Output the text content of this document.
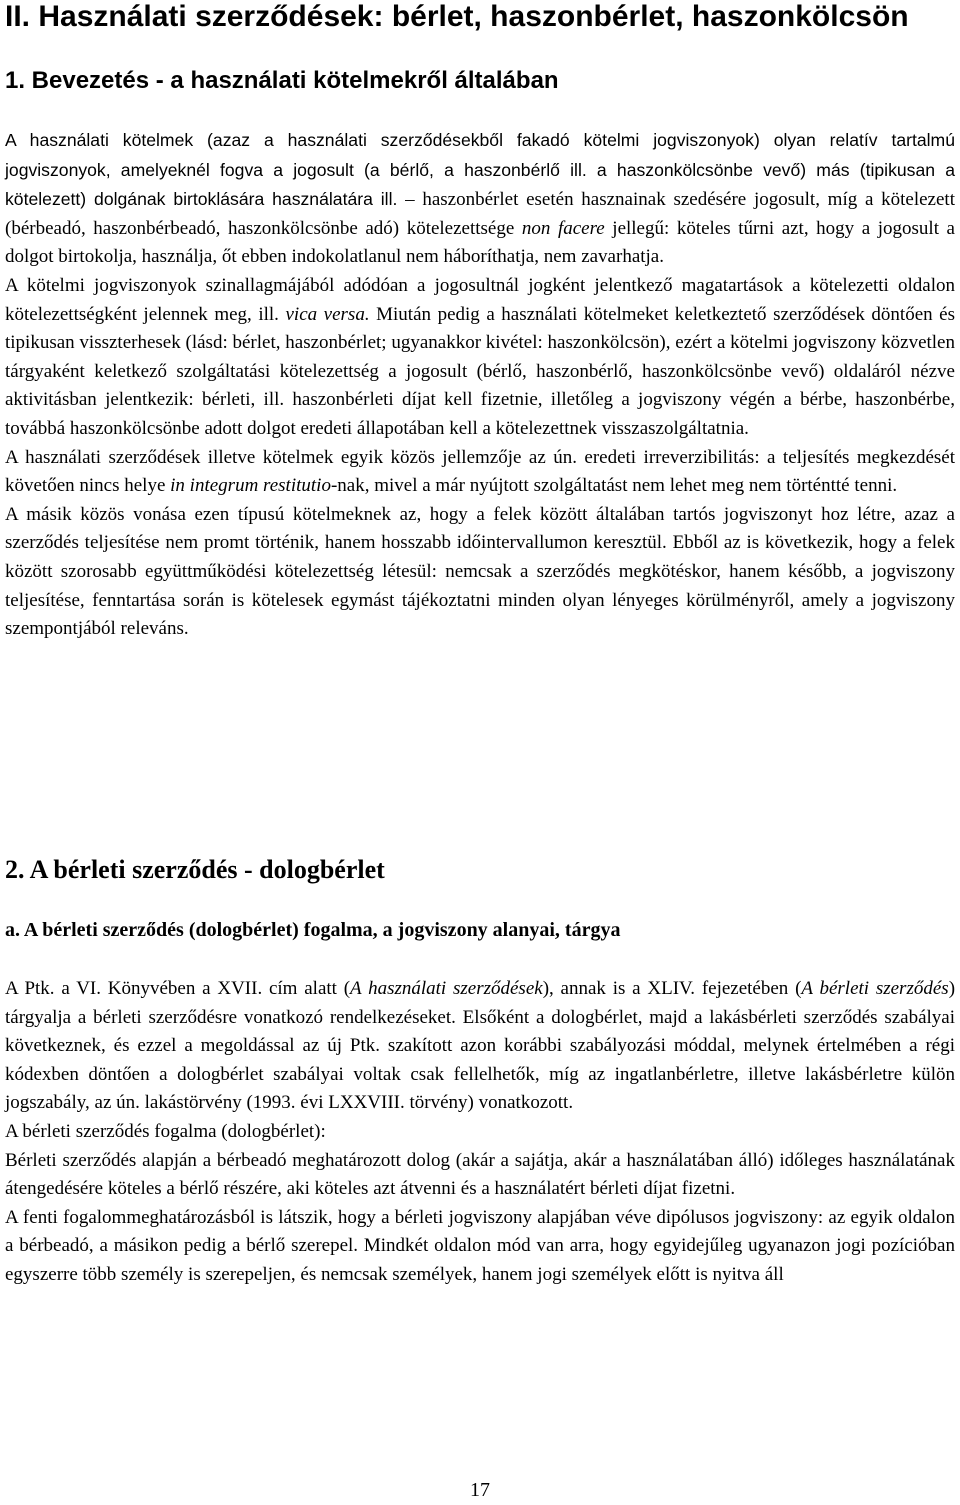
II. Használati szerződések: bérlet, haszonbérlet, haszonkölcsön
1. Bevezetés - a használati kötelmekről általában

A használati kötelmek (azaz a használati szerződésekből fakadó kötelmi jogviszonyok) olyan relatív tartalmú jogviszonyok, amelyeknél fogva a jogosult (a bérlő, a haszonbérlő ill. a haszonkölcsönbe vevő) más (tipikusan a kötelezett) dolgának birtoklására használatára ill. – haszonbérlet esetén hasznainak szedésére jogosult, míg a kötelezett (bérbeadó, haszonbérbeadó, haszonkölcsönbe adó) kötelezettsége non facere jellegű: köteles tűrni azt, hogy a jogosult a dolgot birtokolja, használja, őt ebben indokolatlanul nem háboríthatja, nem zavarhatja.

A kötelmi jogviszonyok szinallagmájából adódóan a jogosultnál jogként jelentkező magatartások a kötelezetti oldalon kötelezettségként jelennek meg, ill. vica versa. Miután pedig a használati kötelmeket keletkeztető szerződések döntően és tipikusan visszterhesek (lásd: bérlet, haszonbérlet; ugyanakkor kivétel: haszonkölcsön), ezért a kötelmi jogviszony közvetlen tárgyaként keletkező szolgáltatási kötelezettség a jogosult (bérlő, haszonbérlő, haszonkölcsönbe vevő) oldaláról nézve aktivitásban jelentkezik: bérleti, ill. haszonbérleti díjat kell fizetnie, illetőleg a jogviszony végén a bérbe, haszonbérbe, továbbá haszonkölcsönbe adott dolgot eredeti állapotában kell a kötelezettnek visszaszolgáltatnia.

A használati szerződések illetve kötelmek egyik közös jellemzője az ún. eredeti irreverzibilitás: a teljesítés megkezdését követően nincs helye in integrum restitutio-nak, mivel a már nyújtott szolgáltatást nem lehet meg nem történtté tenni.

A másik közös vonása ezen típusú kötelmeknek az, hogy a felek között általában tartós jogviszonyt hoz létre, azaz a szerződés teljesítése nem promt történik, hanem hosszabb időintervallumon keresztül. Ebből az is következik, hogy a felek között szorosabb együttműködési kötelezettség létesül: nemcsak a szerződés megkötéskor, hanem később, a jogviszony teljesítése, fenntartása során is kötelesek egymást tájékoztatni minden olyan lényeges körülményről, amely a jogviszony szempontjából releváns.

2. A bérleti szerződés - dologbérlet
a. A bérleti szerződés (dologbérlet) fogalma, a jogviszony alanyai, tárgya

A Ptk. a VI. Könyvében a XVII. cím alatt (A használati szerződések), annak is a XLIV. fejezetében (A bérleti szerződés) tárgyalja a bérleti szerződésre vonatkozó rendelkezéseket. Elsőként a dologbérlet, majd a lakásbérleti szerződés szabályai következnek, és ezzel a megoldással az új Ptk. szakított azon korábbi szabályozási móddal, melynek értelmében a régi kódexben döntően a dologbérlet szabályai voltak csak fellelhetők, míg az ingatlanbérletre, illetve lakásbérletre külön jogszabály, az ún. lakástörvény (1993. évi LXXVIII. törvény) vonatkozott.

A bérleti szerződés fogalma (dologbérlet):

Bérleti szerződés alapján a bérbeadó meghatározott dolog (akár a sajátja, akár a használatában álló) időleges használatának átengedésére köteles a bérlő részére, aki köteles azt átvenni és a használatért bérleti díjat fizetni.

A fenti fogalommeghatározásból is látszik, hogy a bérleti jogviszony alapjában véve dipólusos jogviszony: az egyik oldalon a bérbeadó, a másikon pedig a bérlő szerepel. Mindkét oldalon mód van arra, hogy egyidejűleg ugyanazon jogi pozícióban egyszerre több személy is szerepeljen, és nemcsak személyek, hanem jogi személyek előtt is nyitva áll

17
